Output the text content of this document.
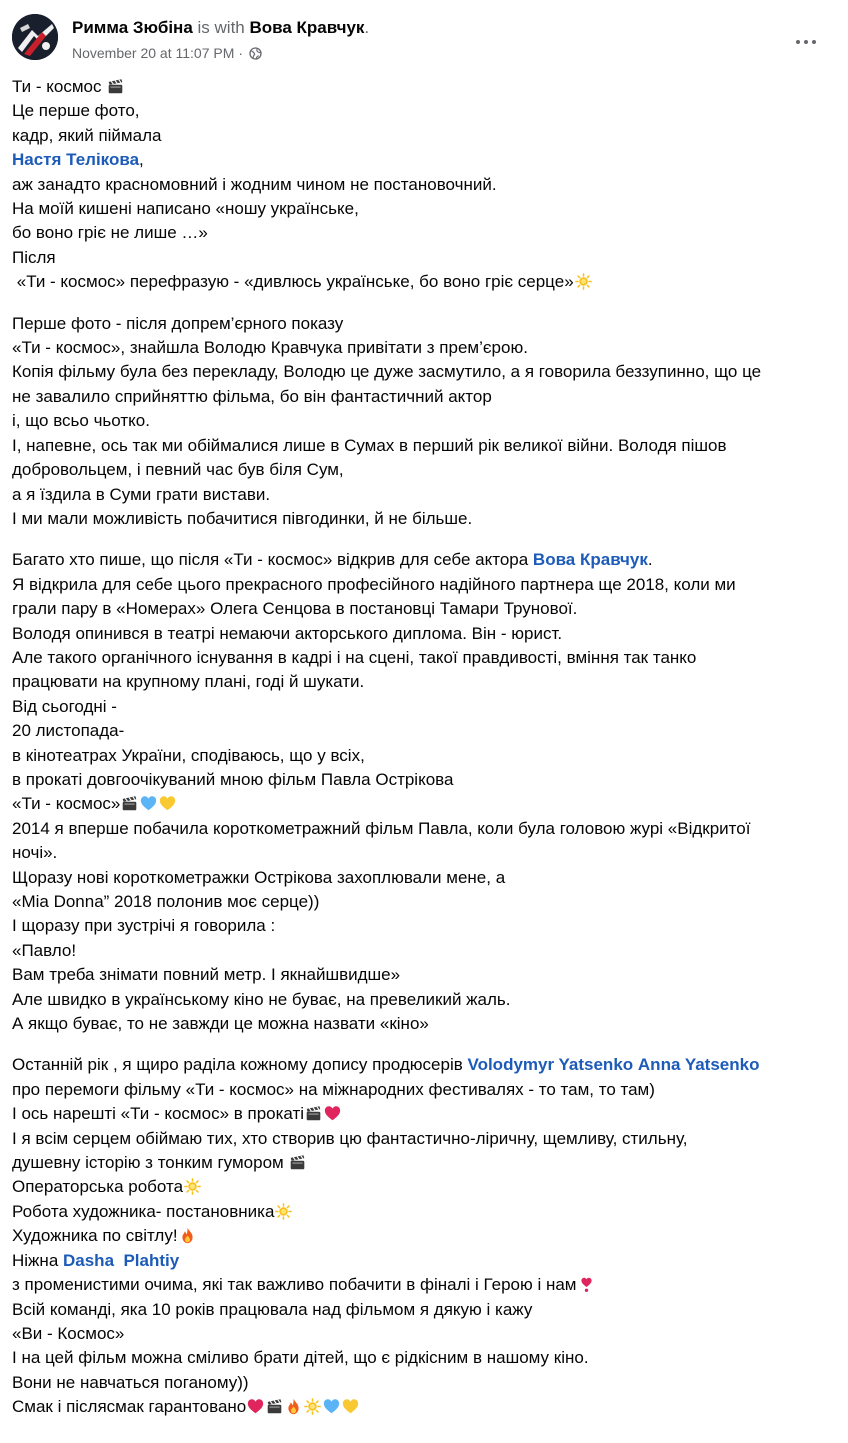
Римма Зюбіна is with Вова Кравчук.
November 20 at 11:07 PM ·
Ти - космос
Це перше фото,
кадр, який піймала
Настя Телікова,
аж занадто красномовний і жодним чином не постановочний.
На моїй кишені написано «ношу українське,
бо воно гріє не лише …»
Після
«Ти - космос» перефразую - «дивлюсь українське, бо воно гріє серце»
Перше фото - після допрем’єрного показу
«Ти - космос», знайшла Володю Кравчука привітати з прем’єрою.
Копія фільму була без перекладу, Володю це дуже засмутило, а я говорила беззупинно, що це
не завалило сприйняттю фільма, бо він фантастичний актор
і, що всьо чьотко.
І, напевне, ось так ми обіймалися лише в Сумах в перший рік великої війни. Володя пішов
добровольцем, і певний час був біля Сум,
а я їздила в Суми грати вистави.
І ми мали можливість побачитися півгодинки, й не більше.
Багато хто пише, що після «Ти - космос» відкрив для себе актора Вова Кравчук.
Я відкрила для себе цього прекрасного професійного надійного партнера ще 2018, коли ми
грали пару в «Номерах» Олега Сенцова в постановці Тамари Трунової.
Володя опинився в театрі немаючи акторського диплома. Він - юрист.
Але такого органічного існування в кадрі і на сцені, такої правдивості, вміння так танко
працювати на крупному плані, годі й шукати.
Від сьогодні -
20 листопада-
в кінотеатрах України, сподіваюсь, що у всіх,
в прокаті довгоочікуваний мною фільм Павла Острікова
«Ти - космос»
2014 я вперше побачила короткометражний фільм Павла, коли була головою журі «Відкритої
ночі».
Щоразу нові короткометражки Острікова захоплювали мене, а
«Mia Donna” 2018 полонив моє серце))
І щоразу при зустрічі я говорила :
«Павло!
Вам треба знімати повний метр. І якнайшвидше»
Але швидко в українському кіно не буває, на превеликий жаль.
А якщо буває, то не завжди це можна назвати «кіно»
Останній рік , я щиро раділа кожному допису продюсерів Volodymyr Yatsenko Anna Yatsenko
про перемоги фільму «Ти - космос» на міжнародних фестивалях - то там, то там)
І ось нарешті «Ти - космос» в прокаті
І я всім серцем обіймаю тих, хто створив цю фантастично-ліричну, щемливу, стильну,
душевну історію з тонким гумором
Операторська робота
Робота художника- постановника
Художника по світлу!
Ніжна Dasha  Plahtiy
з променистими очима, які так важливо побачити в фіналі і Герою і нам
Всій команді, яка 10 років працювала над фільмом я дякую і кажу
«Ви - Космос»
І на цей фільм можна сміливо брати дітей, що є рідкісним в нашому кіно.
Вони не навчаться поганому))
Смак і післясмак гарантовано
